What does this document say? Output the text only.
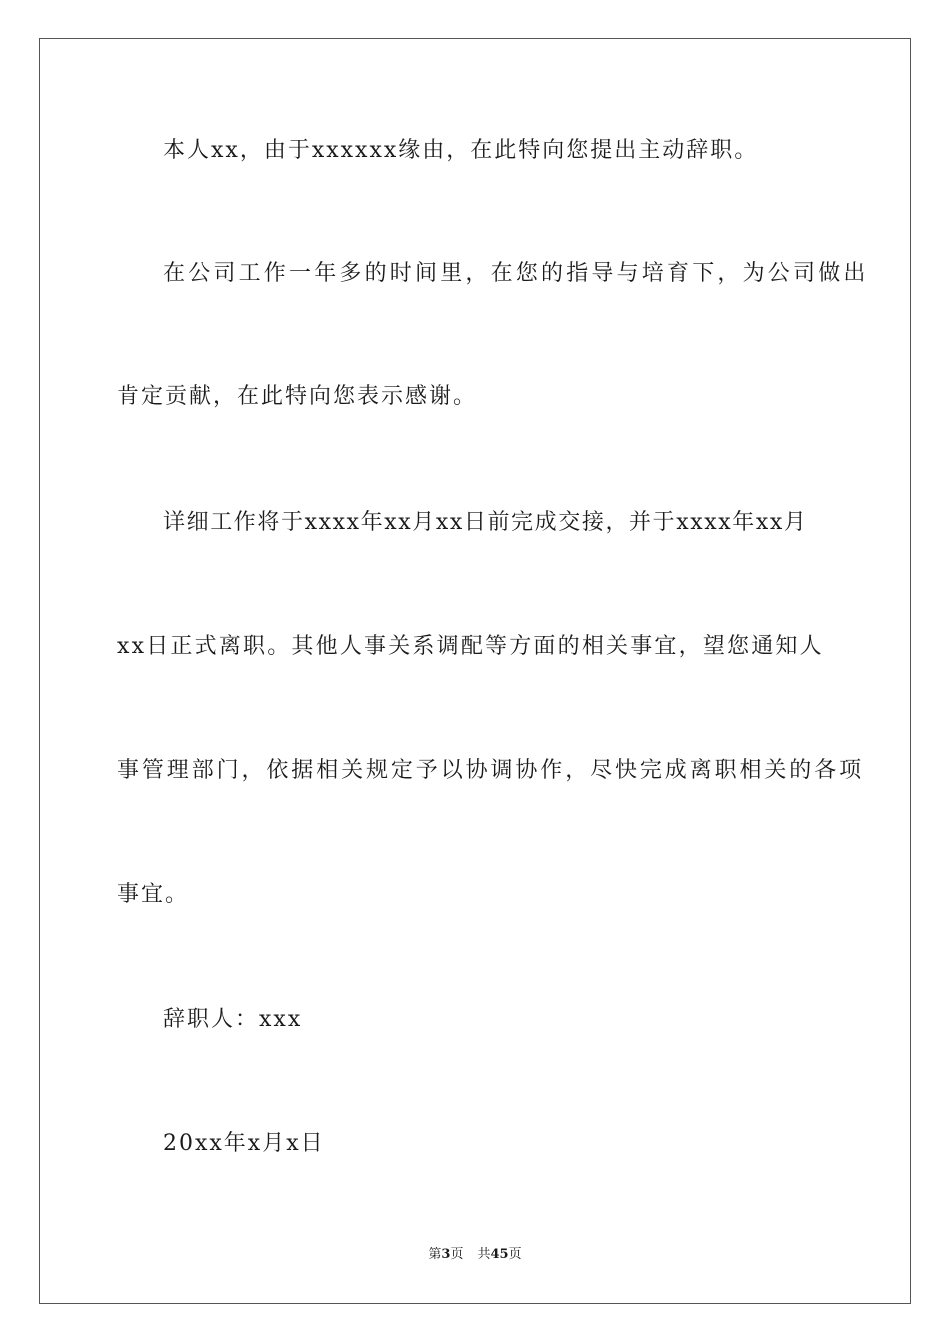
本人xx，由于xxxxxx缘由，在此特向您提出主动辞职。
在公司工作一年多的时间里，在您的指导与培育下，为公司做出
肯定贡献，在此特向您表示感谢。
详细工作将于xxxx年xx月xx日前完成交接，并于xxxx年xx月
xx日正式离职。其他人事关系调配等方面的相关事宜，望您通知人
事管理部门，依据相关规定予以协调协作，尽快完成离职相关的各项
事宜。
辞职人：xxx
20xx年x月x日
第3页 共45页
